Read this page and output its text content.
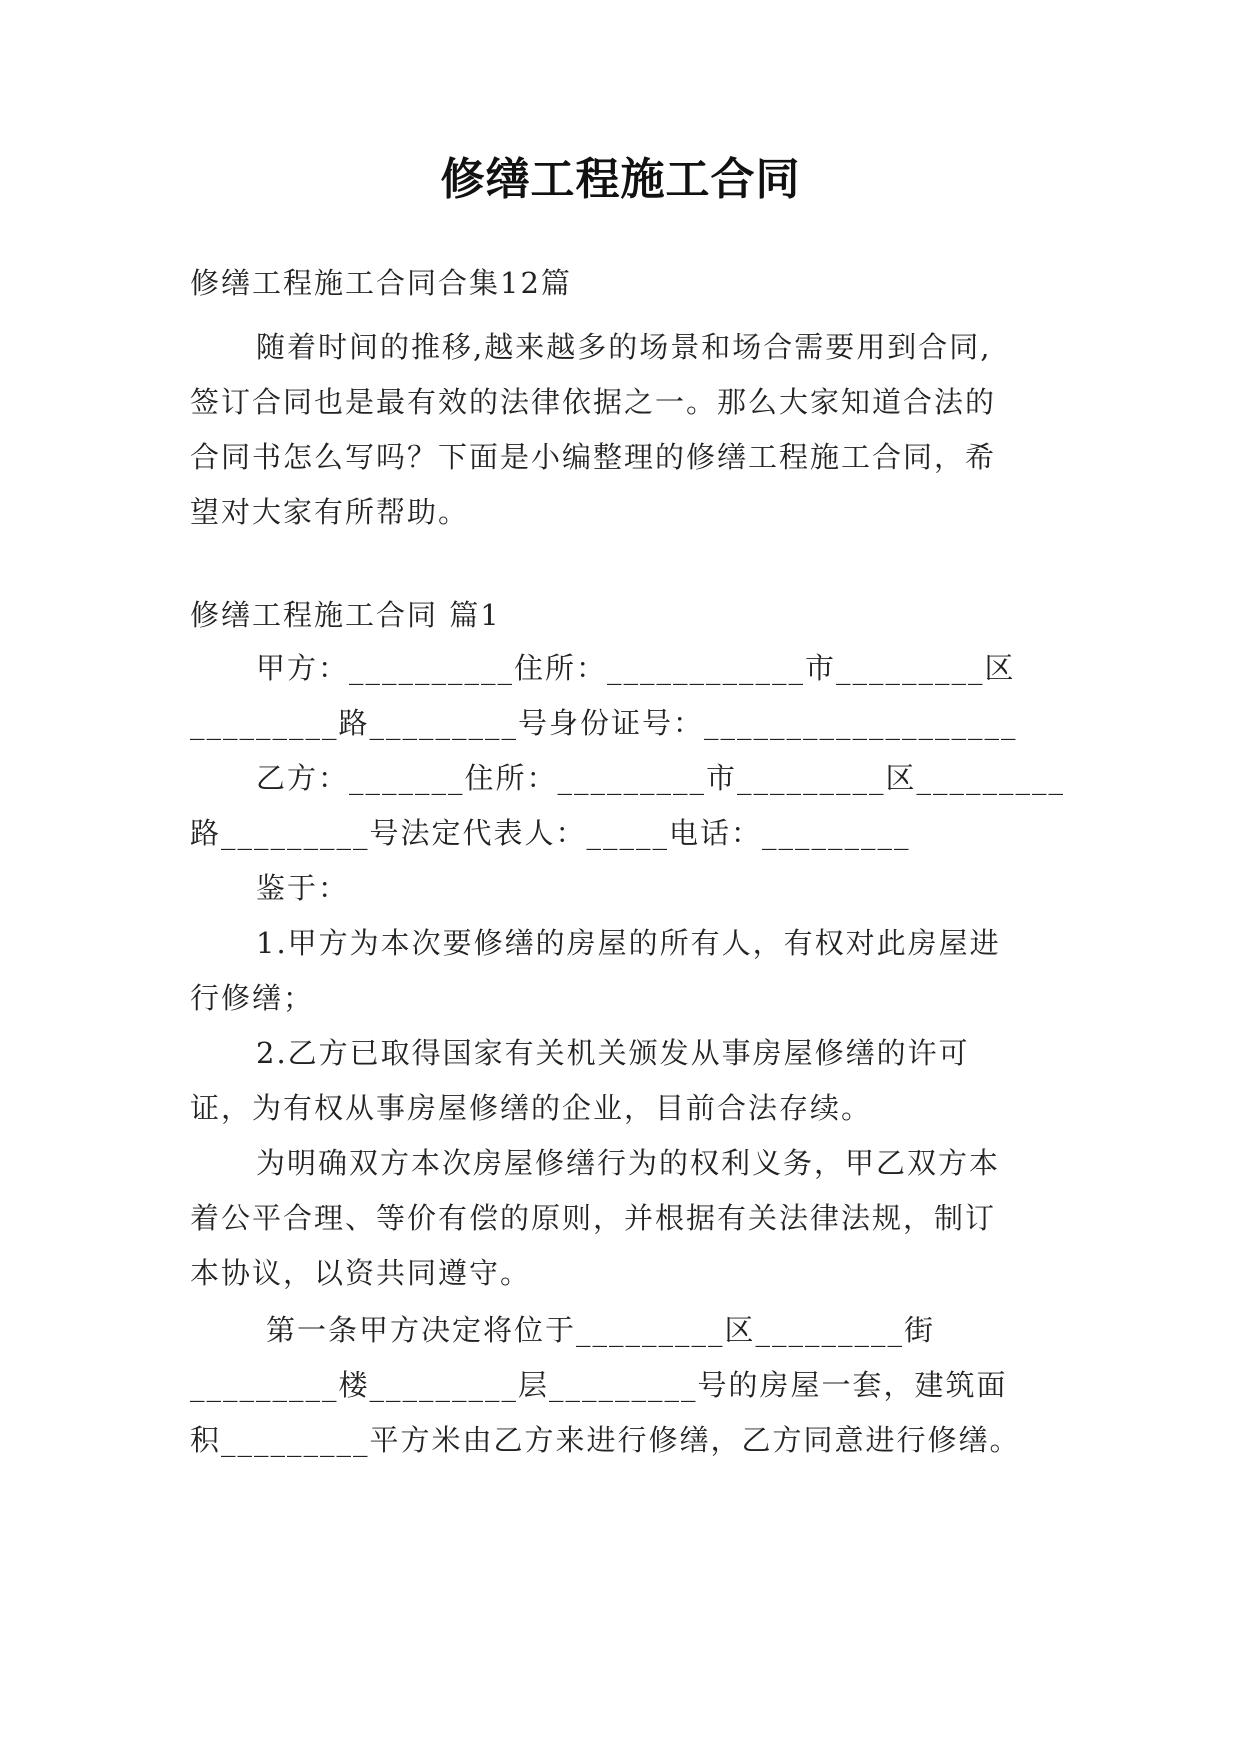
修缮工程施工合同
修缮工程施工合同合集12篇
随着时间的推移,越来越多的场景和场合需要用到合同,
签订合同也是最有效的法律依据之一。那么大家知道合法的
合同书怎么写吗？下面是小编整理的修缮工程施工合同，希
望对大家有所帮助。
修缮工程施工合同 篇1
甲方：__________住所：____________市_________区
_________路_________号身份证号：___________________
乙方：_______住所：_________市_________区_________
路_________号法定代表人：_____电话：_________
鉴于：
1.甲方为本次要修缮的房屋的所有人，有权对此房屋进
行修缮；
2.乙方已取得国家有关机关颁发从事房屋修缮的许可
证，为有权从事房屋修缮的企业，目前合法存续。
为明确双方本次房屋修缮行为的权利义务，甲乙双方本
着公平合理、等价有偿的原则，并根据有关法律法规，制订
本协议，以资共同遵守。
第一条甲方决定将位于_________区_________街
_________楼_________层_________号的房屋一套，建筑面
积_________平方米由乙方来进行修缮，乙方同意进行修缮。
